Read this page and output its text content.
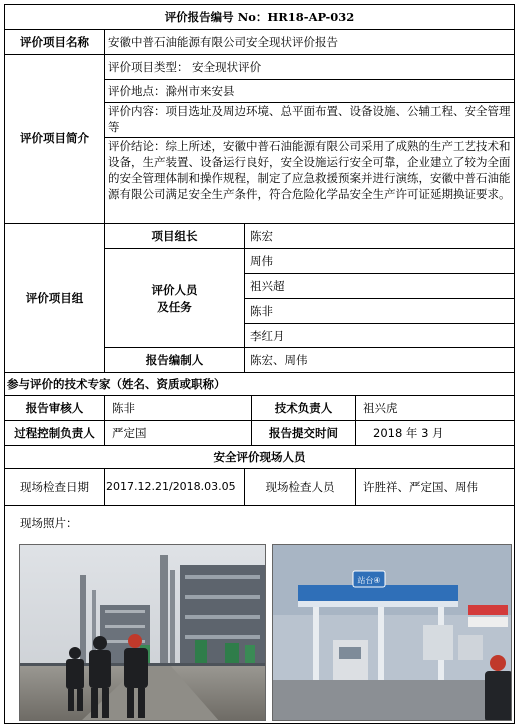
评价报告编号 No：HR18-AP-032
评价项目名称	安徽中普石油能源有限公司安全现状评价报告
评价项目简介
评价项目类型： 安全现状评价
评价地点：滁州市来安县
评价内容：项目选址及周边环境、总平面布置、设备设施、公辅工程、安全管理等
评价结论：综上所述，安徽中普石油能源有限公司采用了成熟的生产工艺技术和设备，生产装置、设备运行良好，安全设施运行安全可靠，企业建立了较为全面的安全管理体制和操作规程，制定了应急救援预案并进行演练，安徽中普石油能源有限公司满足安全生产条件，符合危险化学品安全生产许可证延期换证要求。
评价项目组
项目组长	陈宏
评价人员
及任务
周伟
祖兴超
陈非
李红月
报告编制人	陈宏、周伟
参与评价的技术专家（姓名、资质或职称）
报告审核人	陈非	技术负责人	祖兴虎
过程控制负责人	严定国	报告提交时间	2018 年 3 月
安全评价现场人员
现场检查日期	2017.12.21/2018.03.05	现场检查人员	许胜祥、严定国、周伟
现场照片：
站台④
